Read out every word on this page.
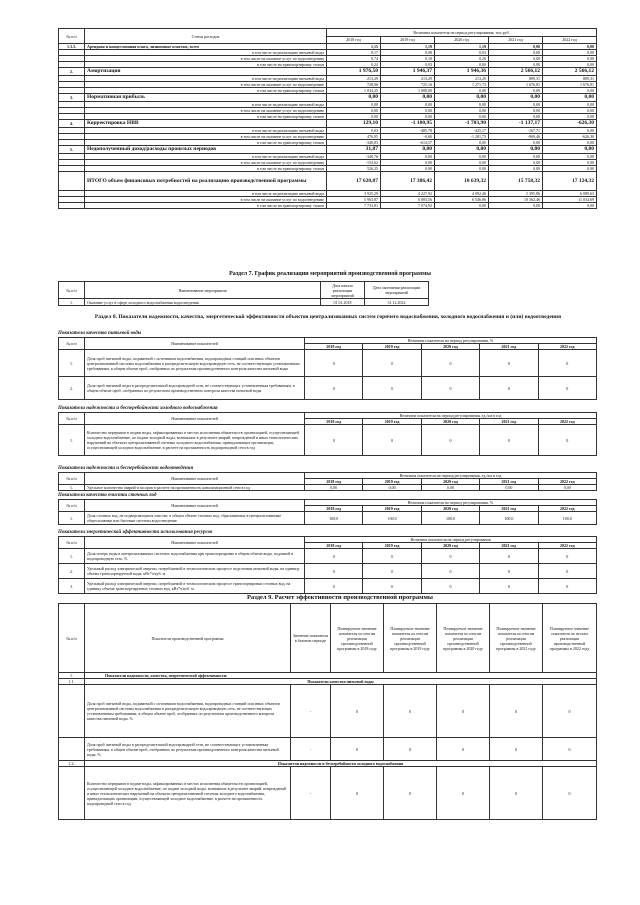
№ п/п	Статья расходов	Величина показателя на период регулирования, тыс.руб.				
		2018 год	2019 год	2020 год	2021 год	2022 год
1.3.3.	Арендная и концессионная плата, лизинговые платежи, всего	1,15	1,19	1,19	0,00	0,00
	в том числе на реализацию питьевой воды	0,17	0,08	0,03	0,00	0,00
	в том числе на оказание услуг по водоотведению	0,74	0,18	0,26	0,00	0,00
	в том числе на транспортировку стоков	0,24	0,03	0,00	0,00	0,00
2.	Амортизация	1 976,50	1 946,37	1 946,36	2 566,12	2 566,12
	в том числе на реализацию питьевой воды	213,29	213,29	213,29	889,31	889,31
	в том числе на оказание услуг по водоотведению	728,96	725,16	1 271,73	1 676,81	1 676,81
	в том числе на транспортировку стоков	1 034,25	1 008,00	0,00	0,00	0,00
3.	Нормативная прибыль	0,00	0,00	0,00	0,00	0,00
	в том числе на реализацию питьевой воды	0,00	0,00	0,00	0,00	0,00
	в том числе на оказание услуг по водоотведению	0,00	0,00	0,00	0,00	0,00
	в том числе на транспортировку стоков	0,00	0,00	0,00	0,00	0,00
4.	Корректировка НВВ	129,10	-1 100,95	-1 703,90	-1 137,17	-626,30
	в том числе на реализацию питьевой воды	0,03	-485,78	-425,17	-167,71	0,00
	в том числе на оказание услуг по водоотведению	476,95	-0,60	-1 281,73	-969,46	-626,30
	в том числе на транспортировку стоков	-340,83	-614,57	0,00	0,00	0,00
5.	Недополученный доход/расходы прошлых периодов	31,87	0,00	0,00	0,00	0,00
	в том числе на реализацию питьевой воды	-340,76	0,00	0,00	0,00	0,00
	в том числе на оказание услуг по водоотведению	-154,62	0,00	0,00	0,00	0,00
	в том числе на транспортировку стоков	526,25	0,00	0,00	0,00	0,00
	ИТОГО объем финансовых потребностей на реализацию производственной программы	17 620,87	17 386,42	10 639,32	15 758,32	17 124,32
	в том числе на реализацию питьевой воды	3 925,29	4 227,92	4 092,46	5 395,86	6 089,63
	в том числе на оказание услуг по водоотведению	5 963,87	6 083,56	6 546,86	10 362,46	11 034,69
	в том числе на транспортировку стоков	7 733,81	7 074,92	0,00	0,00	0,00
Раздел 7. График реализации мероприятий производственной программы
№ п/п	Наименование мероприятия	Дата начала реализации мероприятий	Дата окончания реализации мероприятий
1.	Оказание услуг в сфере холодного водоснабжения водоотведения	01.01.2018	31.12.2022
Раздел 8. Показатели надежности, качества, энергетической эффективности объектов централизованных систем горячего водоснабжения, холодного водоснабжения и (или) водоотведения
Показатели качества питьевой воды
№ п/п	Наименование показателей	Величина показателя на период регулирования, %				
		2018 год	2019 год	2020 год	2021 год	2022 год
1.	Доля проб питьевой воды, подаваемой с источников водоснабжения, водопроводных станций или иных объектов централизованной системы водоснабжения в распределительную водопроводную сеть, не соответствующих установленным требованиям, в общем объеме проб, отобранных по результатам производственного контроля качества питьевой воды	0	0	0	0	0
2.	Доля проб питьевой воды в распределительной водопроводной сети, не соответствующих установленным требованиям, в общем объеме проб, отобранных по результатам производственного контроля качества питьевой воды	0	0	0	0	0
Показатели надежности и бесперебойности холодного водоснабжения
№ п/п	Наименование показателей	Величина показателя на период регулирования, ед./км в год				
		2018 год	2019 год	2020 год	2021 год	2022 год
1.	Количество перерывов в подаче воды, зафиксированных в местах исполнения обязательств организацией, осуществляющей холодное водоснабжение, по подаче холодной воды, возникших в результате аварий, повреждений и иных технологических нарушений на объектах централизованной системы холодного водоснабжения, принадлежащих организации, осуществляющей холодное водоснабжение, в расчете на протяженность водопроводной сети в год	0	0	0	0	0
Показатели надежности и бесперебойности водоотведения
№ п/п	Наименование показателей	Величина показателя на период регулирования, ед./км в год				
		2018 год	2019 год	2020 год	2021 год	2022 год
1.	Удельное количество аварий и засоров в расчете на протяженность канализационной сети в год	0,00	0,00	0,00	0,00	0,00
Показатели качества очистки сточных вод
№ п/п	Наименование показателей	Величина показателя на период регулирования, %				
		2018 год	2019 год	2020 год	2021 год	2022 год
1.	Доля сточных вод, не подвергающихся очистке, в общем объеме сточных вод, сбрасываемых в централизованные общесплавные или бытовые системы водоотведения	100,0	100,0	100,0	100,0	100,0
Показатели энергетической эффективности использования ресурсов
№ п/п	Наименование показателей	Величина показателя на период регулирования				
		2018 год	2019 год	2020 год	2021 год	2022 год
1.	Доля потерь воды в централизованных системах водоснабжения при транспортировке в общем объеме воды, поданной в водопроводную сеть, %	0	0	0	0	0
2.	Удельный расход электрической энергии, потребляемой в технологическом процессе подготовки питьевой воды, на единицу объема транспортируемой воды, кВт*ч/куб. м	0	0	0	0	0
3.	Удельный расход электрической энергии, потребляемой в технологическом процессе транспортировки сточных вод, на единицу объема транспортируемых сточных вод, кВт*ч/куб. м	0	0	0	0	0
Раздел 9. Расчет эффективности производственной программы
№ п/п	Показатели производственной программы	Значение показателя в базовом периоде	Планируемое значение показателя по итогам реализации производственной программы в 2018 году	Планируемое значение показателя по итогам реализации производственной программы в 2019 году	Планируемое значение показателя по итогам реализации производственной программы в 2020 году	Планируемое значение показателя по итогам реализации производственной программы в 2021 году	Планируемое значение показателя по итогам реализации производственной программы в 2022 году
1.	Показатели надежности, качества, энергетической эффективности:						
1.1.	Показатели качества питьевой воды						
	Доля проб питьевой воды, подаваемой с источников водоснабжения, водопроводных станций или иных объектов централизованной системы водоснабжения в распределительную водопроводную сеть, не соответствующих установленным требованиям, в общем объеме проб, отобранных по результатам производственного контроля качества питьевой воды, %	-	0	0	0	0	0
	Доля проб питьевой воды в распределительной водопроводной сети, не соответствующих установленным требованиям, в общем объеме проб, отобранных по результатам производственного контроля качества питьевой воды, %	-	0	0	0	0	0
1.2.	Показатели надежности и бесперебойности холодного водоснабжения						
	Количество перерывов в подаче воды, зафиксированных в местах исполнения обязательств организацией, осуществляющей холодное водоснабжение, по подаче холодной воды, возникших в результате аварий, повреждений и иных технологических нарушений на объектах централизованной системы холодного водоснабжения, принадлежащих организации, осуществляющей холодное водоснабжение, в расчете на протяженность водопроводной сети в год	-	0	0	0	0	0
